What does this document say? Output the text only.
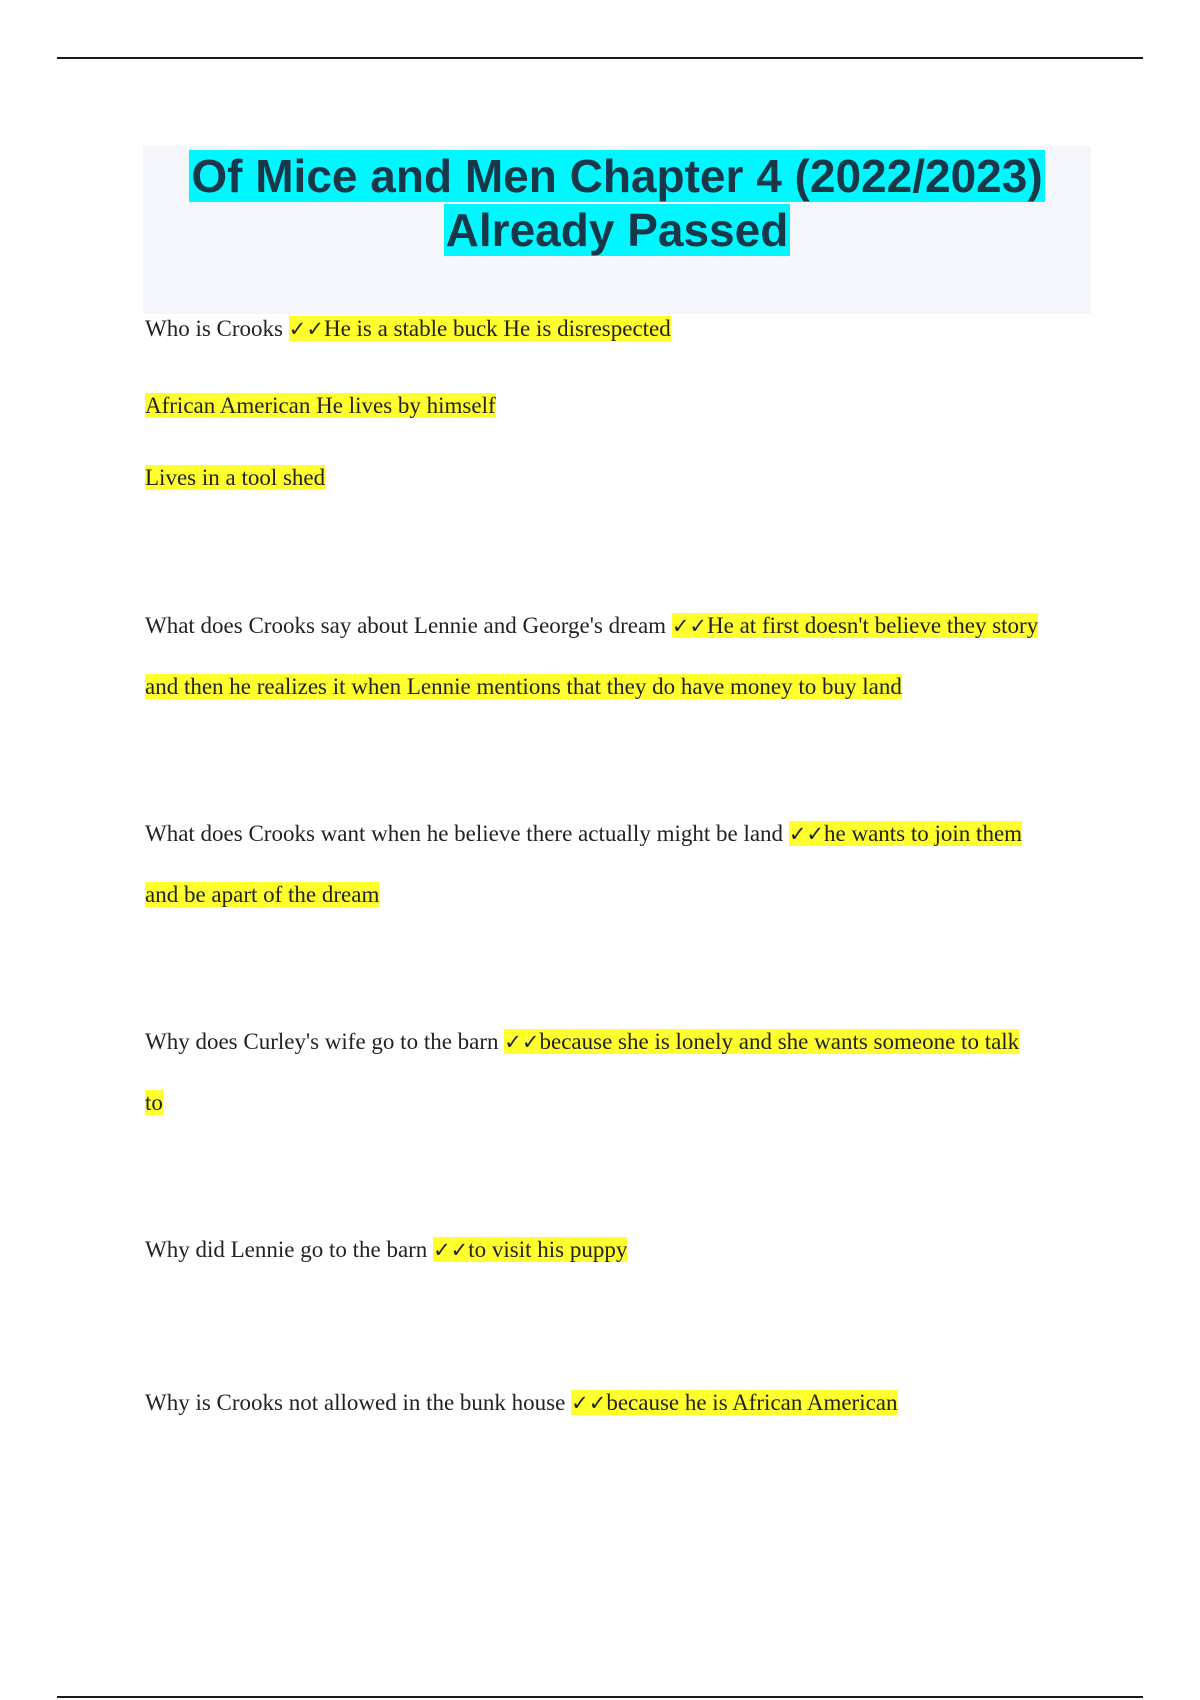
Of Mice and Men Chapter 4 (2022/2023)
Already Passed

Who is Crooks ✓✓He is a stable buck He is disrespected

African American He lives by himself

Lives in a tool shed

What does Crooks say about Lennie and George's dream ✓✓He at first doesn't believe they story

and then he realizes it when Lennie mentions that they do have money to buy land

What does Crooks want when he believe there actually might be land ✓✓he wants to join them

and be apart of the dream

Why does Curley's wife go to the barn ✓✓because she is lonely and she wants someone to talk

to

Why did Lennie go to the barn ✓✓to visit his puppy

Why is Crooks not allowed in the bunk house ✓✓because he is African American
